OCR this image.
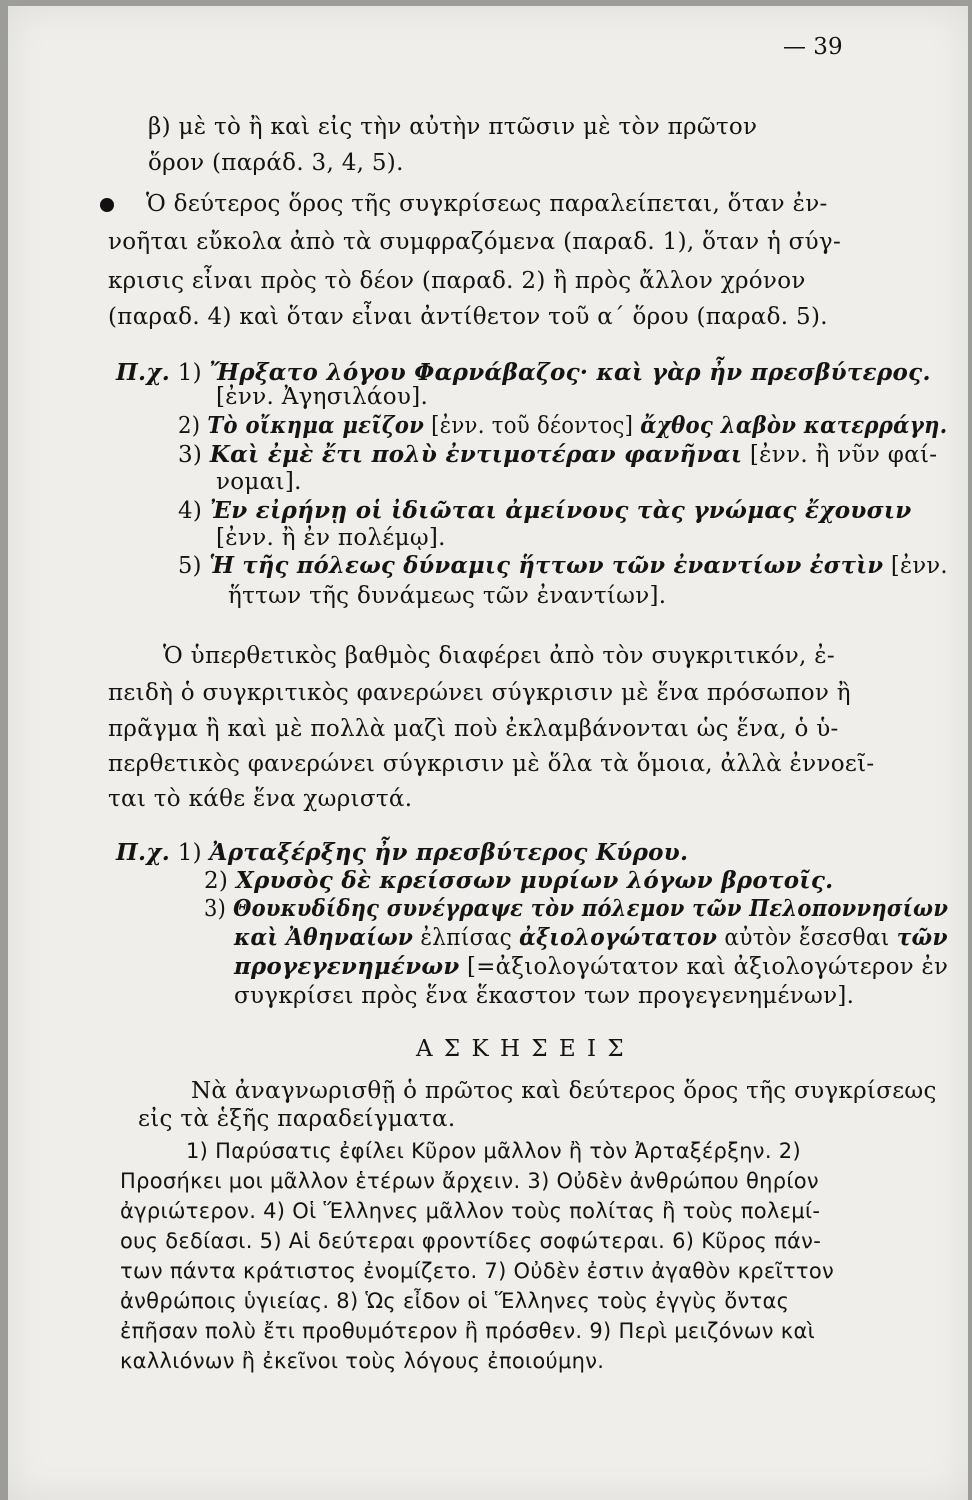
— 39
β) μὲ τὸ ἢ καὶ εἰς τὴν αὐτὴν πτῶσιν μὲ τὸν πρῶτον
ὅρον (παράδ. 3, 4, 5).
Ὁ δεύτερος ὅρος τῆς συγκρίσεως παραλείπεται, ὅταν ἐν-
νοῆται εὔκολα ἀπὸ τὰ συμφραζόμενα (παραδ. 1), ὅταν ἡ σύγ-
κρισις εἶναι πρὸς τὸ δέον (παραδ. 2) ἢ πρὸς ἄλλον χρόνον
(παραδ. 4) καὶ ὅταν εἶναι ἀντίθετον τοῦ α΄ ὅρου (παραδ. 5).
Π.χ. 1) Ἤρξατο λόγου Φαρνάβαζος· καὶ γὰρ ἦν πρεσβύτερος.
[ἐνν. Ἀγησιλάου].
2) Τὸ οἴκημα μεῖζον [ἐνν. τοῦ δέοντος] ἄχθος λαβὸν κατερράγη.
3) Καὶ ἐμὲ ἔτι πολὺ ἐντιμοτέραν φανῆναι [ἐνν. ἢ νῦν φαί-
νομαι].
4) Ἐν εἰρήνῃ οἱ ἰδιῶται ἀμείνους τὰς γνώμας ἔχουσιν
[ἐνν. ἢ ἐν πολέμῳ].
5) Ἡ τῆς πόλεως δύναμις ἥττων τῶν ἐναντίων ἐστὶν [ἐνν.
ἥττων τῆς δυνάμεως τῶν ἐναντίων].
Ὁ ὑπερθετικὸς βαθμὸς διαφέρει ἀπὸ τὸν συγκριτικόν, ἐ-
πειδὴ ὁ συγκριτικὸς φανερώνει σύγκρισιν μὲ ἕνα πρόσωπον ἢ
πρᾶγμα ἢ καὶ μὲ πολλὰ μαζὶ ποὺ ἐκλαμβάνονται ὡς ἕνα, ὁ ὑ-
περθετικὸς φανερώνει σύγκρισιν μὲ ὅλα τὰ ὅμοια, ἀλλὰ ἐννοεῖ-
ται τὸ κάθε ἕνα χωριστά.
Π.χ. 1) Ἀρταξέρξης ἦν πρεσβύτερος Κύρου.
2) Χρυσὸς δὲ κρείσσων μυρίων λόγων βροτοῖς.
3) Θουκυδίδης συνέγραψε τὸν πόλεμον τῶν Πελοποννησίων
καὶ Ἀθηναίων ἐλπίσας ἀξιολογώτατον αὐτὸν ἔσεσθαι τῶν
προγεγενημένων [=ἀξιολογώτατον καὶ ἀξιολογώτερον ἐν
συγκρίσει πρὸς ἕνα ἕκαστον των προγεγενημένων].
Α Σ Κ Η Σ Ε Ι Σ
Νὰ ἀναγνωρισθῇ ὁ πρῶτος καὶ δεύτερος ὅρος τῆς συγκρίσεως
εἰς τὰ ἑξῆς παραδείγματα.
1) Παρύσατις ἐφίλει Κῦρον μᾶλλον ἢ τὸν Ἀρταξέρξην. 2)
Προσήκει μοι μᾶλλον ἑτέρων ἄρχειν. 3) Οὐδὲν ἀνθρώπου θηρίον
ἀγριώτερον. 4) Οἱ Ἕλληνες μᾶλλον τοὺς πολίτας ἢ τοὺς πολεμί-
ους δεδίασι. 5) Αἱ δεύτεραι φροντίδες σοφώτεραι. 6) Κῦρος πάν-
των πάντα κράτιστος ἐνομίζετο. 7) Οὐδὲν ἐστιν ἀγαθὸν κρεῖττον
ἀνθρώποις ὑγιείας. 8) Ὡς εἶδον οἱ Ἕλληνες τοὺς ἐγγὺς ὄντας
ἐπῆσαν πολὺ ἔτι προθυμότερον ἢ πρόσθεν. 9) Περὶ μειζόνων καὶ
καλλιόνων ἢ ἐκεῖνοι τοὺς λόγους ἐποιούμην.
